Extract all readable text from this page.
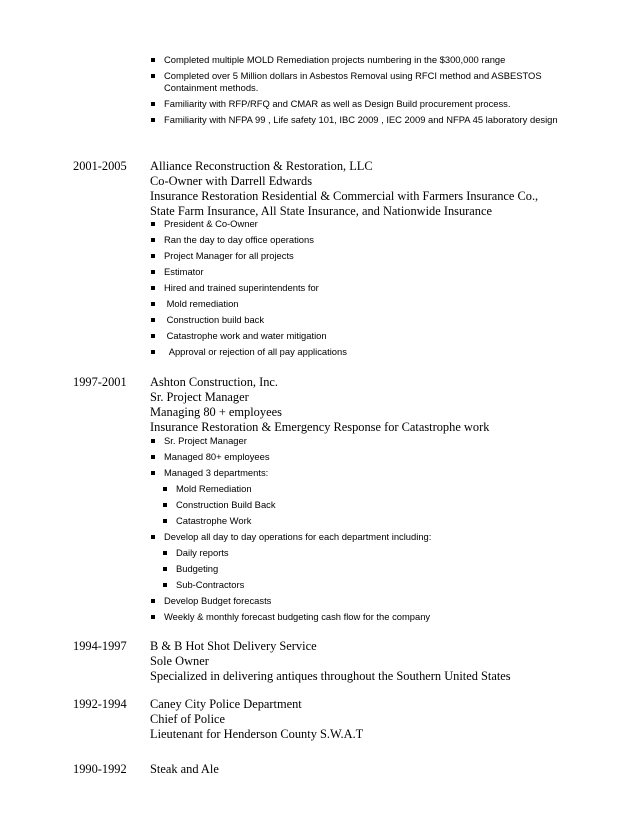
Completed multiple MOLD Remediation projects numbering in the $300,000 range
Completed over 5 Million dollars in Asbestos Removal using RFCI method and ASBESTOS Containment methods.
Familiarity with RFP/RFQ and CMAR as well as Design Build procurement process.
Familiarity with NFPA 99 , Life safety 101, IBC 2009 , IEC 2009 and NFPA 45 laboratory design
2001-2005 Alliance Reconstruction & Restoration, LLC
Co-Owner with Darrell Edwards
Insurance Restoration Residential & Commercial with Farmers Insurance Co.,
State Farm Insurance, All State Insurance, and Nationwide Insurance
President & Co-Owner
Ran the day to day office operations
Project Manager for all projects
Estimator
Hired and trained superintendents for
Mold remediation
Construction build back
Catastrophe work and water mitigation
Approval or rejection of all pay applications
1997-2001 Ashton Construction, Inc.
Sr. Project Manager
Managing 80 + employees
Insurance Restoration & Emergency Response for Catastrophe work
Sr. Project Manager
Managed 80+ employees
Managed 3 departments:
Mold Remediation
Construction Build Back
Catastrophe Work
Develop all day to day operations for each department including:
Daily reports
Budgeting
Sub-Contractors
Develop Budget forecasts
Weekly & monthly forecast budgeting cash flow for the company
1994-1997 B & B Hot Shot Delivery Service
Sole Owner
Specialized in delivering antiques throughout the Southern United States
1992-1994 Caney City Police Department
Chief of Police
Lieutenant for Henderson County S.W.A.T
1990-1992 Steak and Ale
